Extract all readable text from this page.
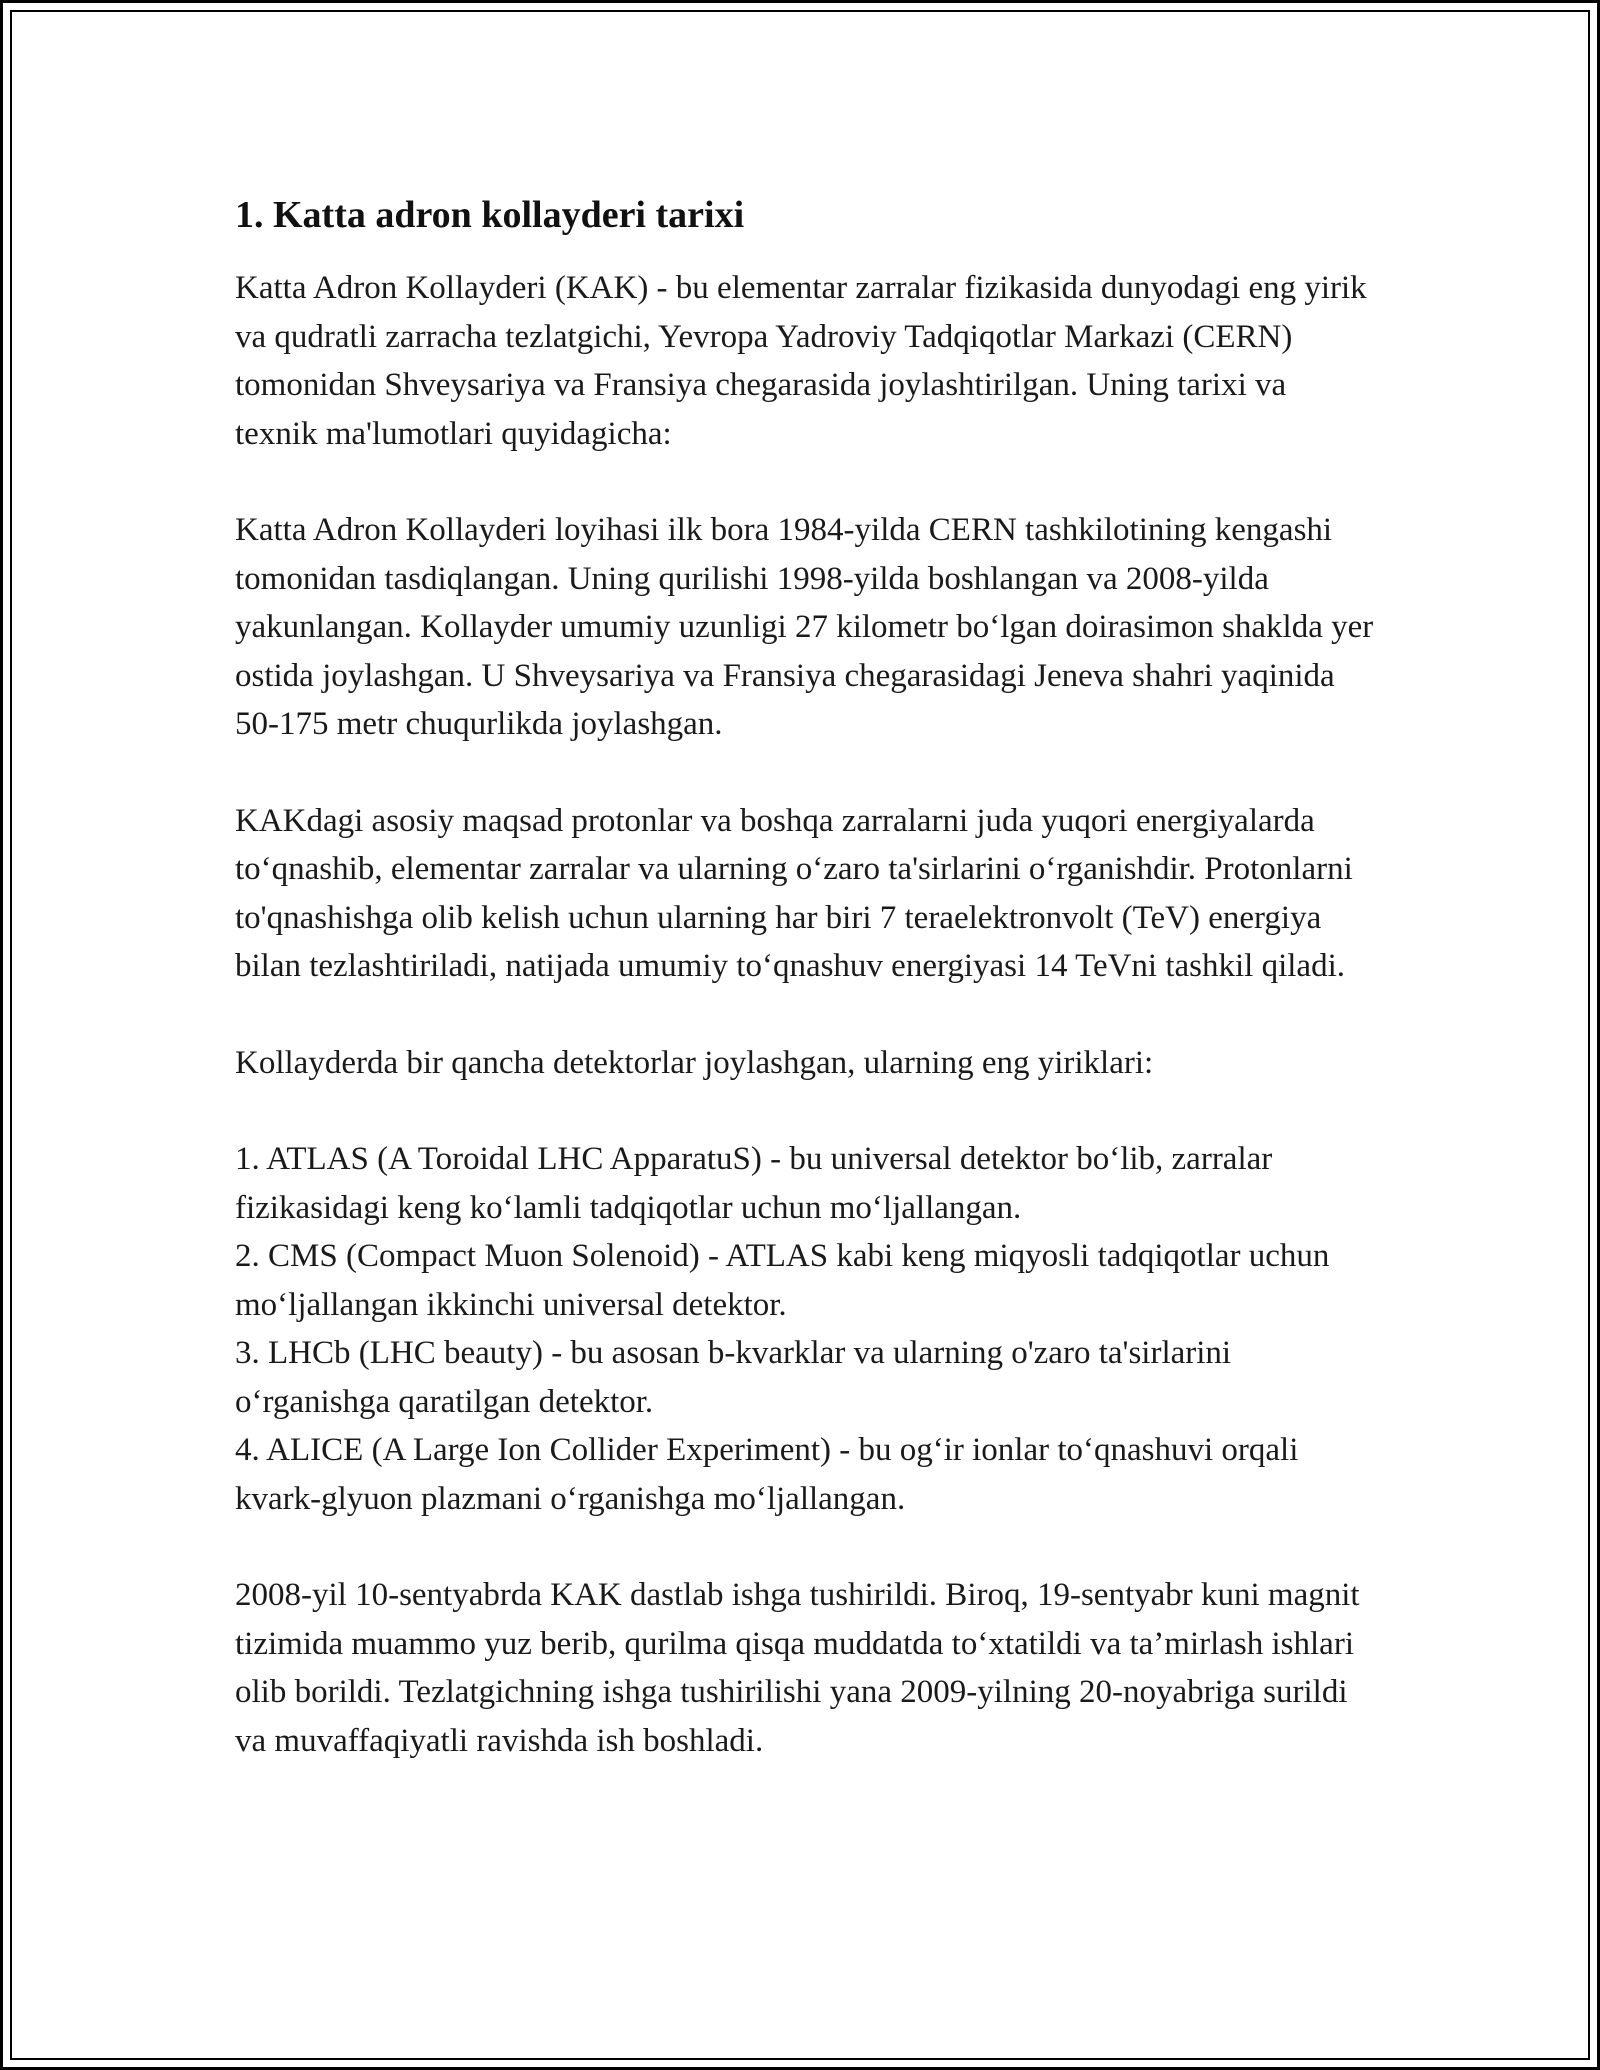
1. Katta adron kollayderi tarixi

Katta Adron Kollayderi (KAK) - bu elementar zarralar fizikasida dunyodagi eng yirik va qudratli zarracha tezlatgichi, Yevropa Yadroviy Tadqiqotlar Markazi (CERN) tomonidan Shveysariya va Fransiya chegarasida joylashtirilgan. Uning tarixi va texnik ma'lumotlari quyidagicha:

Katta Adron Kollayderi loyihasi ilk bora 1984-yilda CERN tashkilotining kengashi tomonidan tasdiqlangan. Uning qurilishi 1998-yilda boshlangan va 2008-yilda yakunlangan. Kollayder umumiy uzunligi 27 kilometr bo‘lgan doirasimon shaklda yer ostida joylashgan. U Shveysariya va Fransiya chegarasidagi Jeneva shahri yaqinida 50-175 metr chuqurlikda joylashgan.

KAKdagi asosiy maqsad protonlar va boshqa zarralarni juda yuqori energiyalarda to‘qnashib, elementar zarralar va ularning o‘zaro ta'sirlarini o‘rganishdir. Protonlarni to'qnashishga olib kelish uchun ularning har biri 7 teraelektronvolt (TeV) energiya bilan tezlashtiriladi, natijada umumiy to‘qnashuv energiyasi 14 TeVni tashkil qiladi.

Kollayderda bir qancha detektorlar joylashgan, ularning eng yiriklari:

1. ATLAS (A Toroidal LHC ApparatuS) - bu universal detektor bo‘lib, zarralar fizikasidagi keng ko‘lamli tadqiqotlar uchun mo‘ljallangan.

2. CMS (Compact Muon Solenoid) - ATLAS kabi keng miqyosli tadqiqotlar uchun mo‘ljallangan ikkinchi universal detektor.

3. LHCb (LHC beauty) - bu asosan b-kvarklar va ularning o'zaro ta'sirlarini o‘rganishga qaratilgan detektor.

4. ALICE (A Large Ion Collider Experiment) - bu og‘ir ionlar to‘qnashuvi orqali kvark-glyuon plazmani o‘rganishga mo‘ljallangan.

2008-yil 10-sentyabrda KAK dastlab ishga tushirildi. Biroq, 19-sentyabr kuni magnit tizimida muammo yuz berib, qurilma qisqa muddatda to‘xtatildi va ta’mirlash ishlari olib borildi. Tezlatgichning ishga tushirilishi yana 2009-yilning 20-noyabriga surildi va muvaffaqiyatli ravishda ish boshladi.
